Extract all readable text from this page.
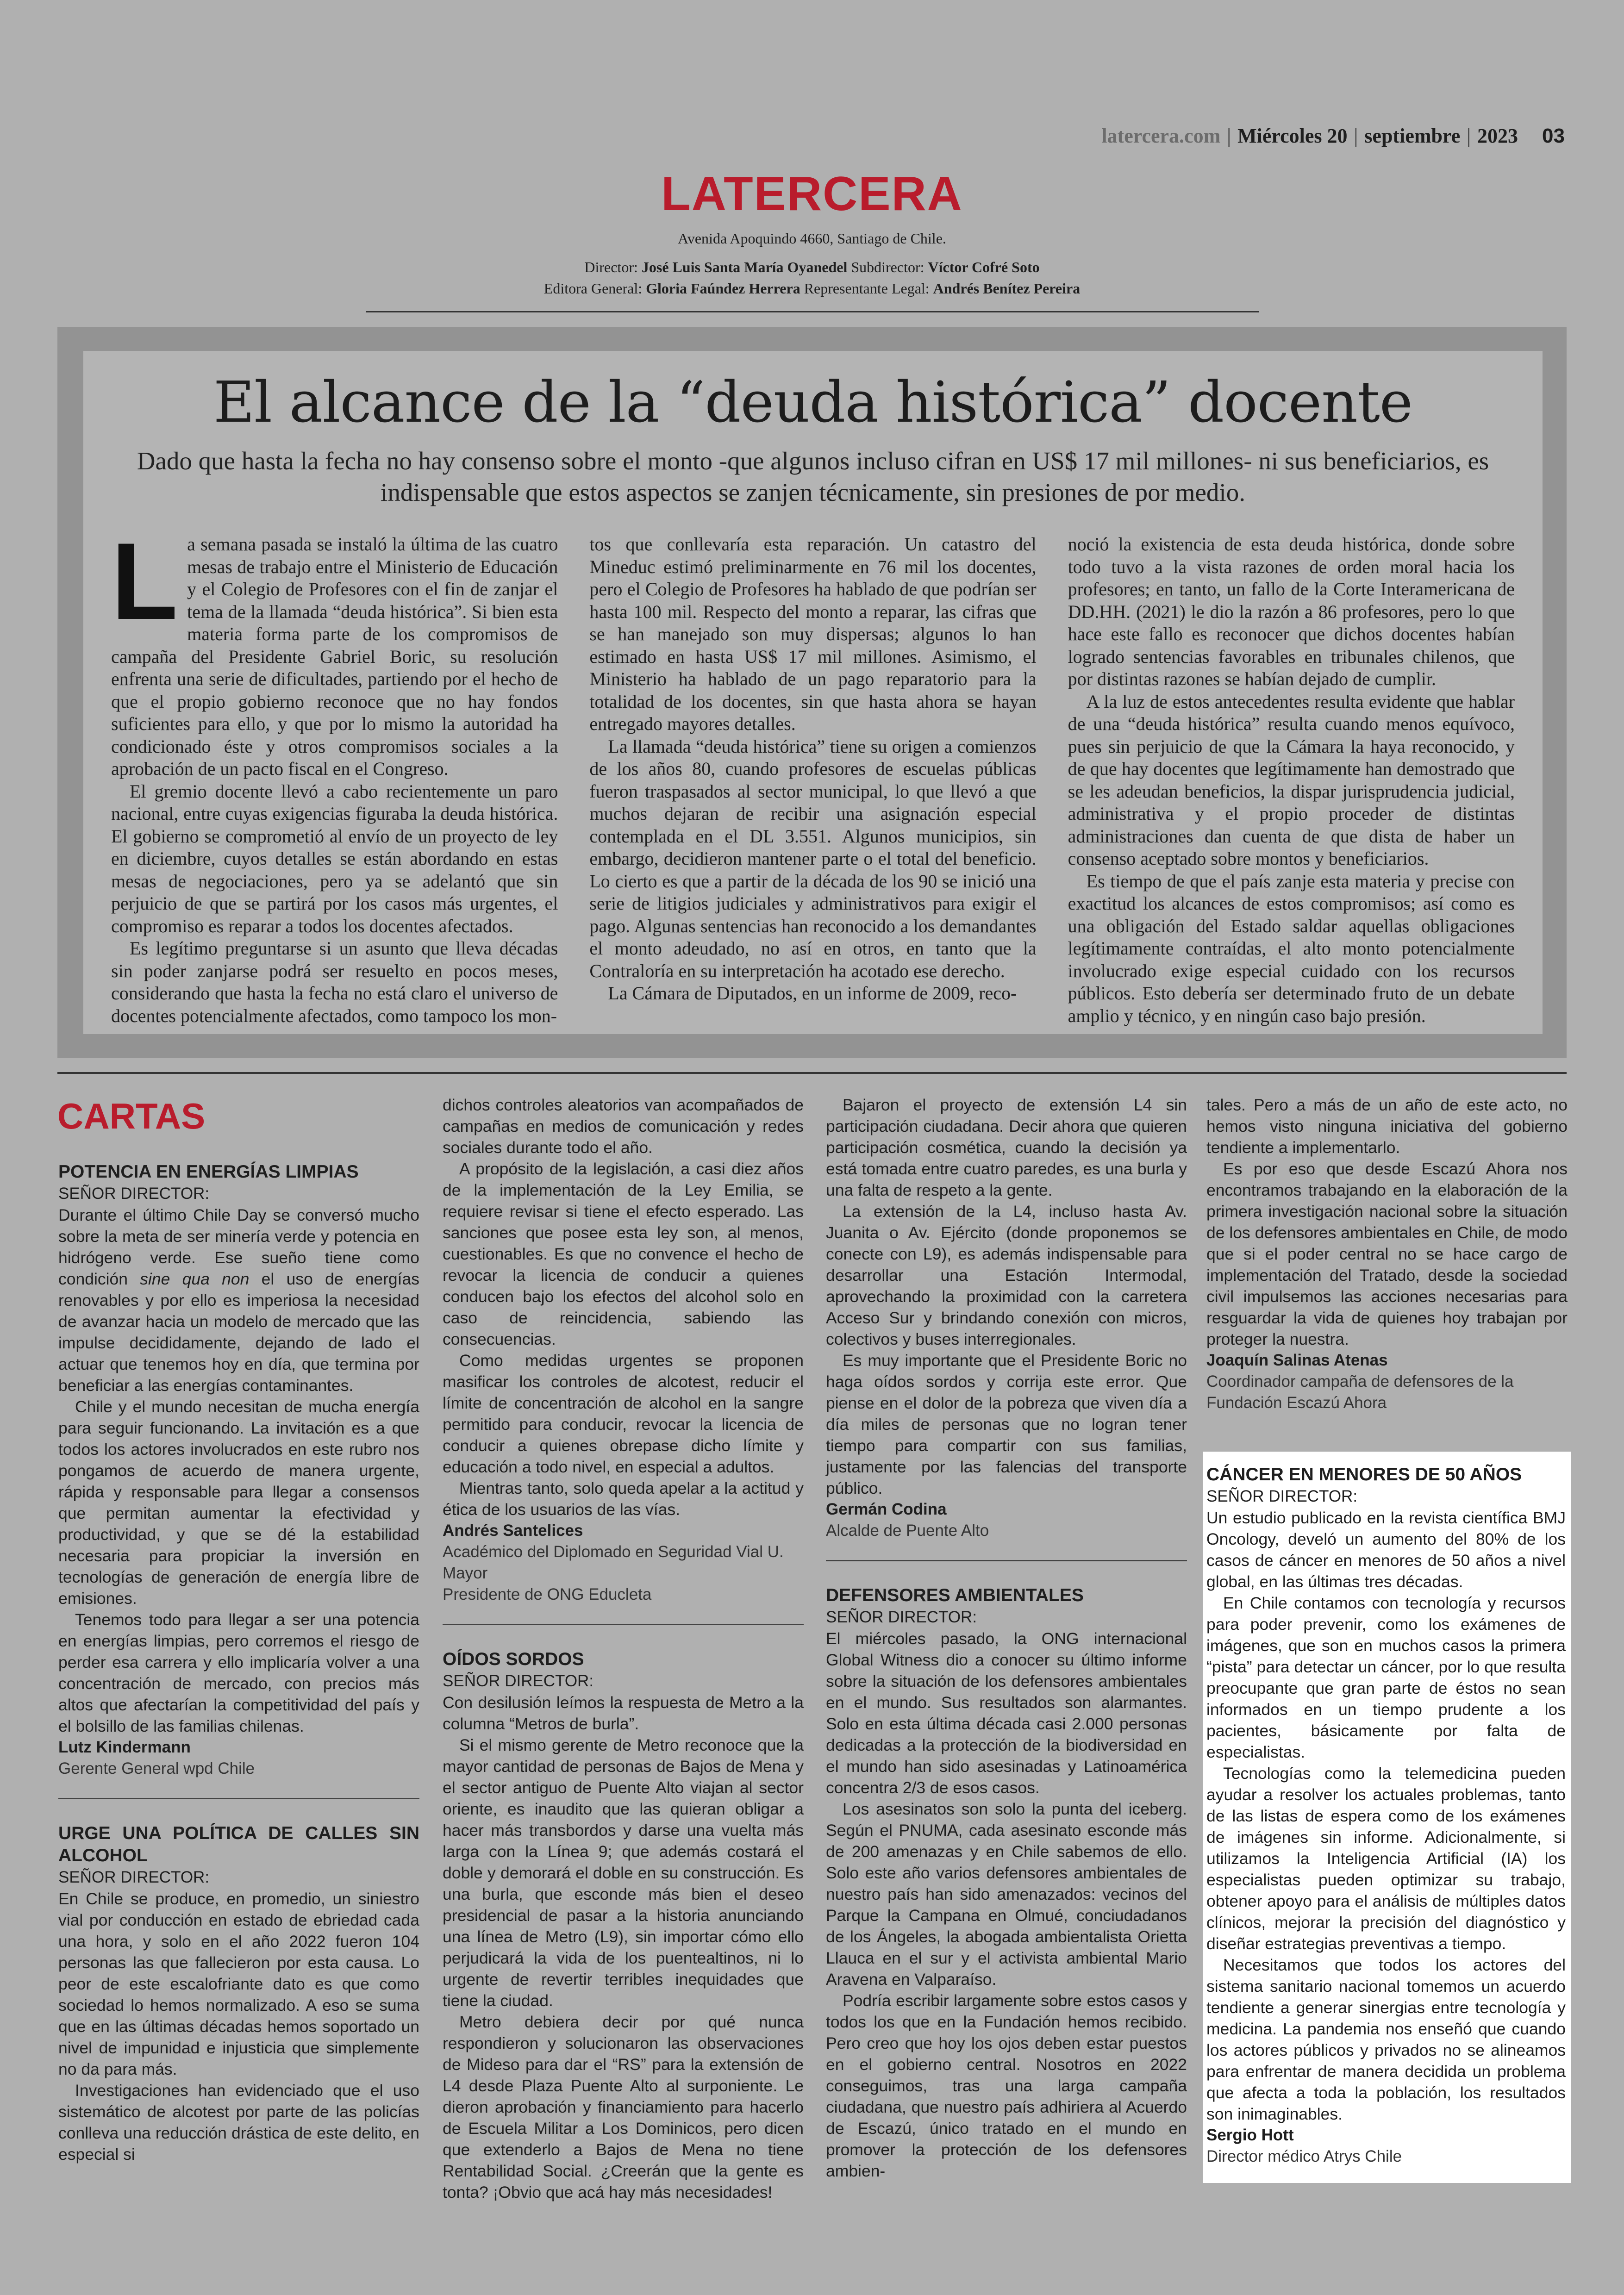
latercera.com | Miércoles 20 | septiembre | 2023 03
LATERCERA
Avenida Apoquindo 4660, Santiago de Chile.
Director: José Luis Santa María Oyanedel Subdirector: Víctor Cofré Soto
Editora General: Gloria Faúndez Herrera Representante Legal: Andrés Benítez Pereira
El alcance de la “deuda histórica” docente
Dado que hasta la fecha no hay consenso sobre el monto -que algunos incluso cifran en US$ 17 mil millones- ni sus beneficiarios, es indispensable que estos aspectos se zanjen técnicamente, sin presiones de por medio.
L a semana pasada se instaló la última de las cuatro mesas de trabajo entre el Ministerio de Educación y el Colegio de Profesores con el fin de zanjar el tema de la llamada “deuda histórica”. Si bien esta materia forma parte de los compromisos de campaña del Presidente Gabriel Boric, su resolución enfrenta una serie de dificultades, partiendo por el hecho de que el propio gobierno reconoce que no hay fondos suficientes para ello, y que por lo mismo la autoridad ha condicionado éste y otros compromisos sociales a la aprobación de un pacto fiscal en el Congreso.

El gremio docente llevó a cabo recientemente un paro nacional, entre cuyas exigencias figuraba la deuda histórica. El gobierno se comprometió al envío de un proyecto de ley en diciembre, cuyos detalles se están abordando en estas mesas de negociaciones, pero ya se adelantó que sin perjuicio de que se partirá por los casos más urgentes, el compromiso es reparar a todos los docentes afectados.

Es legítimo preguntarse si un asunto que lleva décadas sin poder zanjarse podrá ser resuelto en pocos meses, considerando que hasta la fecha no está claro el universo de docentes potencialmente afectados, como tampoco los mon-

tos que conllevaría esta reparación. Un catastro del Mineduc estimó preliminarmente en 76 mil los docentes, pero el Colegio de Profesores ha hablado de que podrían ser hasta 100 mil. Respecto del monto a reparar, las cifras que se han manejado son muy dispersas; algunos lo han estimado en hasta US$ 17 mil millones. Asimismo, el Ministerio ha hablado de un pago reparatorio para la totalidad de los docentes, sin que hasta ahora se hayan entregado mayores detalles.

La llamada “deuda histórica” tiene su origen a comienzos de los años 80, cuando profesores de escuelas públicas fueron traspasados al sector municipal, lo que llevó a que muchos dejaran de recibir una asignación especial contemplada en el DL 3.551. Algunos municipios, sin embargo, decidieron mantener parte o el total del beneficio. Lo cierto es que a partir de la década de los 90 se inició una serie de litigios judiciales y administrativos para exigir el pago. Algunas sentencias han reconocido a los demandantes el monto adeudado, no así en otros, en tanto que la Contraloría en su interpretación ha acotado ese derecho.

La Cámara de Diputados, en un informe de 2009, reco-

noció la existencia de esta deuda histórica, donde sobre todo tuvo a la vista razones de orden moral hacia los profesores; en tanto, un fallo de la Corte Interamericana de DD.HH. (2021) le dio la razón a 86 profesores, pero lo que hace este fallo es reconocer que dichos docentes habían logrado sentencias favorables en tribunales chilenos, que por distintas razones se habían dejado de cumplir.

A la luz de estos antecedentes resulta evidente que hablar de una “deuda histórica” resulta cuando menos equívoco, pues sin perjuicio de que la Cámara la haya reconocido, y de que hay docentes que legítimamente han demostrado que se les adeudan beneficios, la dispar jurisprudencia judicial, administrativa y el propio proceder de distintas administraciones dan cuenta de que dista de haber un consenso aceptado sobre montos y beneficiarios.

Es tiempo de que el país zanje esta materia y precise con exactitud los alcances de estos compromisos; así como es una obligación del Estado saldar aquellas obligaciones legítimamente contraídas, el alto monto potencialmente involucrado exige especial cuidado con los recursos públicos. Esto debería ser determinado fruto de un debate amplio y técnico, y en ningún caso bajo presión.

CARTAS

POTENCIA EN ENERGÍAS LIMPIAS

SEÑOR DIRECTOR:

Durante el último Chile Day se conversó mucho sobre la meta de ser minería verde y potencia en hidrógeno verde. Ese sueño tiene como condición sine qua non el uso de energías renovables y por ello es imperiosa la necesidad de avanzar hacia un modelo de mercado que las impulse decididamente, dejando de lado el actuar que tenemos hoy en día, que termina por beneficiar a las energías contaminantes.

Chile y el mundo necesitan de mucha energía para seguir funcionando. La invitación es a que todos los actores involucrados en este rubro nos pongamos de acuerdo de manera urgente, rápida y responsable para llegar a consensos que permitan aumentar la efectividad y productividad, y que se dé la estabilidad necesaria para propiciar la inversión en tecnologías de generación de energía libre de emisiones.

Tenemos todo para llegar a ser una potencia en energías limpias, pero corremos el riesgo de perder esa carrera y ello implicaría volver a una concentración de mercado, con precios más altos que afectarían la competitividad del país y el bolsillo de las familias chilenas.

Lutz Kindermann

Gerente General wpd Chile

URGE UNA POLÍTICA DE CALLES SIN ALCOHOL

SEÑOR DIRECTOR:

En Chile se produce, en promedio, un siniestro vial por conducción en estado de ebriedad cada una hora, y solo en el año 2022 fueron 104 personas las que fallecieron por esta causa. Lo peor de este escalofriante dato es que como sociedad lo hemos normalizado. A eso se suma que en las últimas décadas hemos soportado un nivel de impunidad e injusticia que simplemente no da para más.

Investigaciones han evidenciado que el uso sistemático de alcotest por parte de las policías conlleva una reducción drástica de este delito, en especial si

dichos controles aleatorios van acompañados de campañas en medios de comunicación y redes sociales durante todo el año.

A propósito de la legislación, a casi diez años de la implementación de la Ley Emilia, se requiere revisar si tiene el efecto esperado. Las sanciones que posee esta ley son, al menos, cuestionables. Es que no convence el hecho de revocar la licencia de conducir a quienes conducen bajo los efectos del alcohol solo en caso de reincidencia, sabiendo las consecuencias.

Como medidas urgentes se proponen masificar los controles de alcotest, reducir el límite de concentración de alcohol en la sangre permitido para conducir, revocar la licencia de conducir a quienes obrepase dicho límite y educación a todo nivel, en especial a adultos.

Mientras tanto, solo queda apelar a la actitud y ética de los usuarios de las vías.

Andrés Santelices

Académico del Diplomado en Seguridad Vial U. Mayor
Presidente de ONG Educleta

OÍDOS SORDOS

SEÑOR DIRECTOR:

Con desilusión leímos la respuesta de Metro a la columna “Metros de burla”.

Si el mismo gerente de Metro reconoce que la mayor cantidad de personas de Bajos de Mena y el sector antiguo de Puente Alto viajan al sector oriente, es inaudito que las quieran obligar a hacer más transbordos y darse una vuelta más larga con la Línea 9; que además costará el doble y demorará el doble en su construcción. Es una burla, que esconde más bien el deseo presidencial de pasar a la historia anunciando una línea de Metro (L9), sin importar cómo ello perjudicará la vida de los puentealtinos, ni lo urgente de revertir terribles inequidades que tiene la ciudad.

Metro debiera decir por qué nunca respondieron y solucionaron las observaciones de Mideso para dar el “RS” para la extensión de L4 desde Plaza Puente Alto al surponiente. Le dieron aprobación y financiamiento para hacerlo de Escuela Militar a Los Dominicos, pero dicen que extenderlo a Bajos de Mena no tiene Rentabilidad Social. ¿Creerán que la gente es tonta? ¡Obvio que acá hay más necesidades!

Bajaron el proyecto de extensión L4 sin participación ciudadana. Decir ahora que quieren participación cosmética, cuando la decisión ya está tomada entre cuatro paredes, es una burla y una falta de respeto a la gente.

La extensión de la L4, incluso hasta Av. Juanita o Av. Ejército (donde proponemos se conecte con L9), es además indispensable para desarrollar una Estación Intermodal, aprovechando la proximidad con la carretera Acceso Sur y brindando conexión con micros, colectivos y buses interregionales.

Es muy importante que el Presidente Boric no haga oídos sordos y corrija este error. Que piense en el dolor de la pobreza que viven día a día miles de personas que no logran tener tiempo para compartir con sus familias, justamente por las falencias del transporte público.

Germán Codina

Alcalde de Puente Alto

DEFENSORES AMBIENTALES

SEÑOR DIRECTOR:

El miércoles pasado, la ONG internacional Global Witness dio a conocer su último informe sobre la situación de los defensores ambientales en el mundo. Sus resultados son alarmantes. Solo en esta última década casi 2.000 personas dedicadas a la protección de la biodiversidad en el mundo han sido asesinadas y Latinoamérica concentra 2/3 de esos casos.

Los asesinatos son solo la punta del iceberg. Según el PNUMA, cada asesinato esconde más de 200 amenazas y en Chile sabemos de ello. Solo este año varios defensores ambientales de nuestro país han sido amenazados: vecinos del Parque la Campana en Olmué, conciudadanos de los Ángeles, la abogada ambientalista Orietta Llauca en el sur y el activista ambiental Mario Aravena en Valparaíso.

Podría escribir largamente sobre estos casos y todos los que en la Fundación hemos recibido. Pero creo que hoy los ojos deben estar puestos en el gobierno central. Nosotros en 2022 conseguimos, tras una larga campaña ciudadana, que nuestro país adhiriera al Acuerdo de Escazú, único tratado en el mundo en promover la protección de los defensores ambien-

tales. Pero a más de un año de este acto, no hemos visto ninguna iniciativa del gobierno tendiente a implementarlo.

Es por eso que desde Escazú Ahora nos encontramos trabajando en la elaboración de la primera investigación nacional sobre la situación de los defensores ambientales en Chile, de modo que si el poder central no se hace cargo de implementación del Tratado, desde la sociedad civil impulsemos las acciones necesarias para resguardar la vida de quienes hoy trabajan por proteger la nuestra.

Joaquín Salinas Atenas

Coordinador campaña de defensores de la Fundación Escazú Ahora

CÁNCER EN MENORES DE 50 AÑOS

SEÑOR DIRECTOR:

Un estudio publicado en la revista científica BMJ Oncology, develó un aumento del 80% de los casos de cáncer en menores de 50 años a nivel global, en las últimas tres décadas.

En Chile contamos con tecnología y recursos para poder prevenir, como los exámenes de imágenes, que son en muchos casos la primera “pista” para detectar un cáncer, por lo que resulta preocupante que gran parte de éstos no sean informados en un tiempo prudente a los pacientes, básicamente por falta de especialistas.

Tecnologías como la telemedicina pueden ayudar a resolver los actuales problemas, tanto de las listas de espera como de los exámenes de imágenes sin informe. Adicionalmente, si utilizamos la Inteligencia Artificial (IA) los especialistas pueden optimizar su trabajo, obtener apoyo para el análisis de múltiples datos clínicos, mejorar la precisión del diagnóstico y diseñar estrategias preventivas a tiempo.

Necesitamos que todos los actores del sistema sanitario nacional tomemos un acuerdo tendiente a generar sinergias entre tecnología y medicina. La pandemia nos enseñó que cuando los actores públicos y privados no se alineamos para enfrentar de manera decidida un problema que afecta a toda la población, los resultados son inimaginables.

Sergio Hott

Director médico Atrys Chile
